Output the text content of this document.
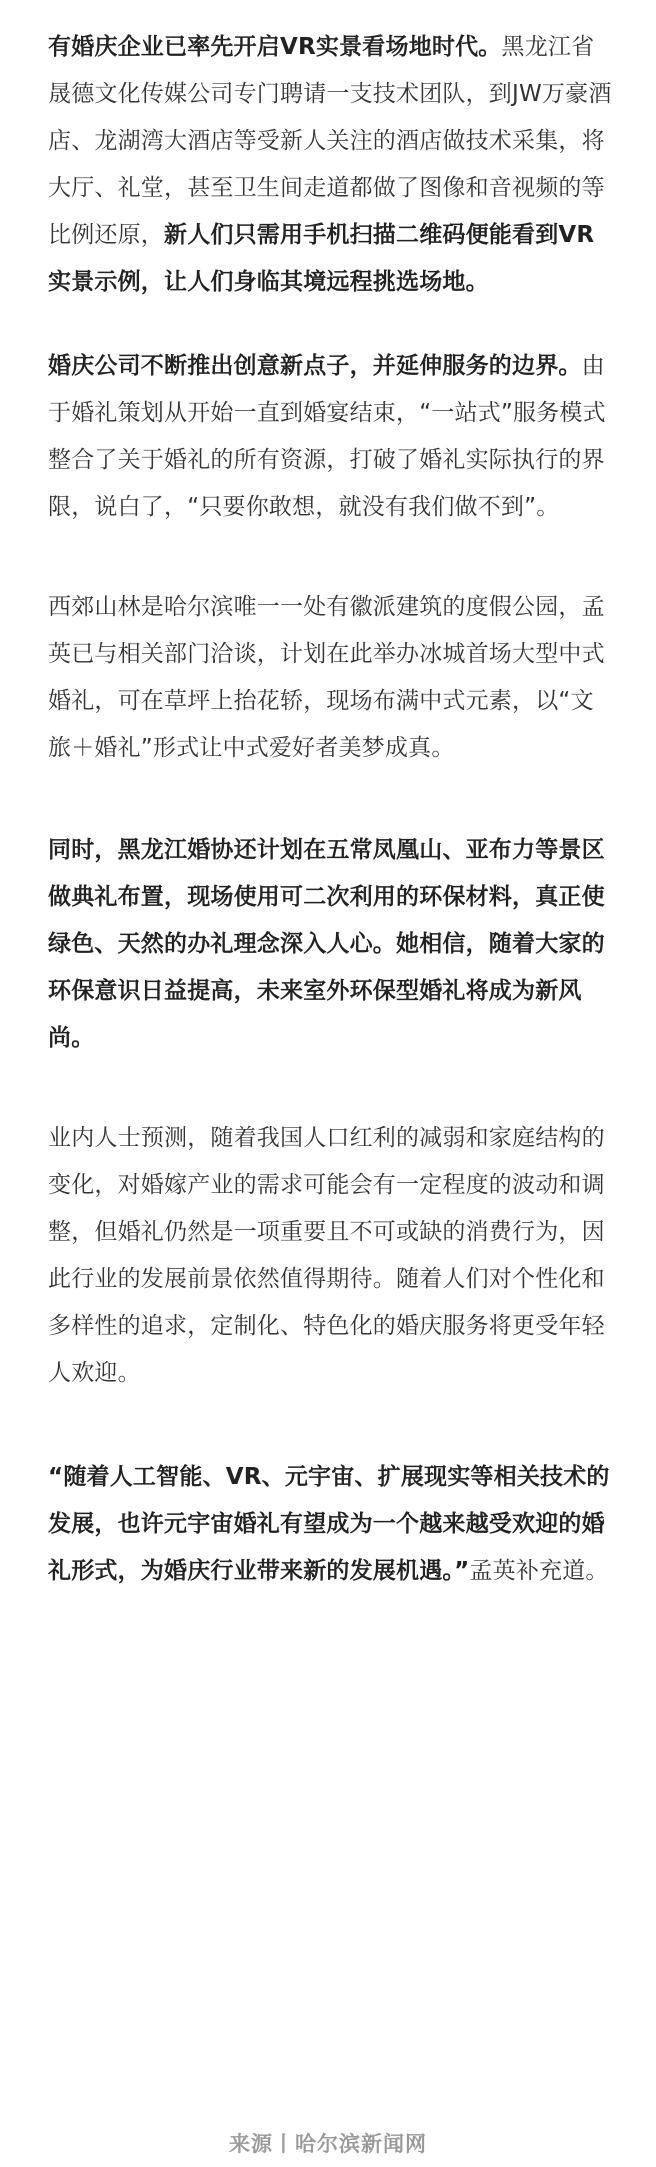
有婚庆企业已率先开启VR实景看场地时代。黑龙江省晟德文化传媒公司专门聘请一支技术团队，到JW万豪酒店、龙湖湾大酒店等受新人关注的酒店做技术采集，将大厅、礼堂，甚至卫生间走道都做了图像和音视频的等比例还原，新人们只需用手机扫描二维码便能看到VR实景示例，让人们身临其境远程挑选场地。

婚庆公司不断推出创意新点子，并延伸服务的边界。由于婚礼策划从开始一直到婚宴结束，“一站式”服务模式整合了关于婚礼的所有资源，打破了婚礼实际执行的界限，说白了，“只要你敢想，就没有我们做不到”。

西郊山林是哈尔滨唯一一处有徽派建筑的度假公园，孟英已与相关部门洽谈，计划在此举办冰城首场大型中式婚礼，可在草坪上抬花轿，现场布满中式元素，以“文旅＋婚礼”形式让中式爱好者美梦成真。

同时，黑龙江婚协还计划在五常凤凰山、亚布力等景区做典礼布置，现场使用可二次利用的环保材料，真正使绿色、天然的办礼理念深入人心。她相信，随着大家的环保意识日益提高，未来室外环保型婚礼将成为新风尚。

业内人士预测，随着我国人口红利的减弱和家庭结构的变化，对婚嫁产业的需求可能会有一定程度的波动和调整，但婚礼仍然是一项重要且不可或缺的消费行为，因此行业的发展前景依然值得期待。随着人们对个性化和多样性的追求，定制化、特色化的婚庆服务将更受年轻人欢迎。

“随着人工智能、VR、元宇宙、扩展现实等相关技术的发展，也许元宇宙婚礼有望成为一个越来越受欢迎的婚礼形式，为婚庆行业带来新的发展机遇。”孟英补充道。

来源丨哈尔滨新闻网
